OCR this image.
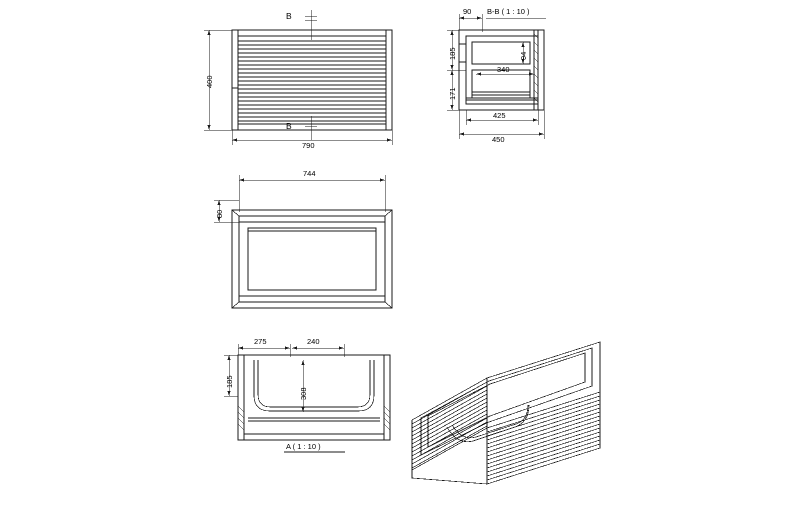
400
790
B
B
B-B ( 1 : 10 )
90
185
171
340
94
425
450
744
80
275	240
185
308
A ( 1 : 10 )
